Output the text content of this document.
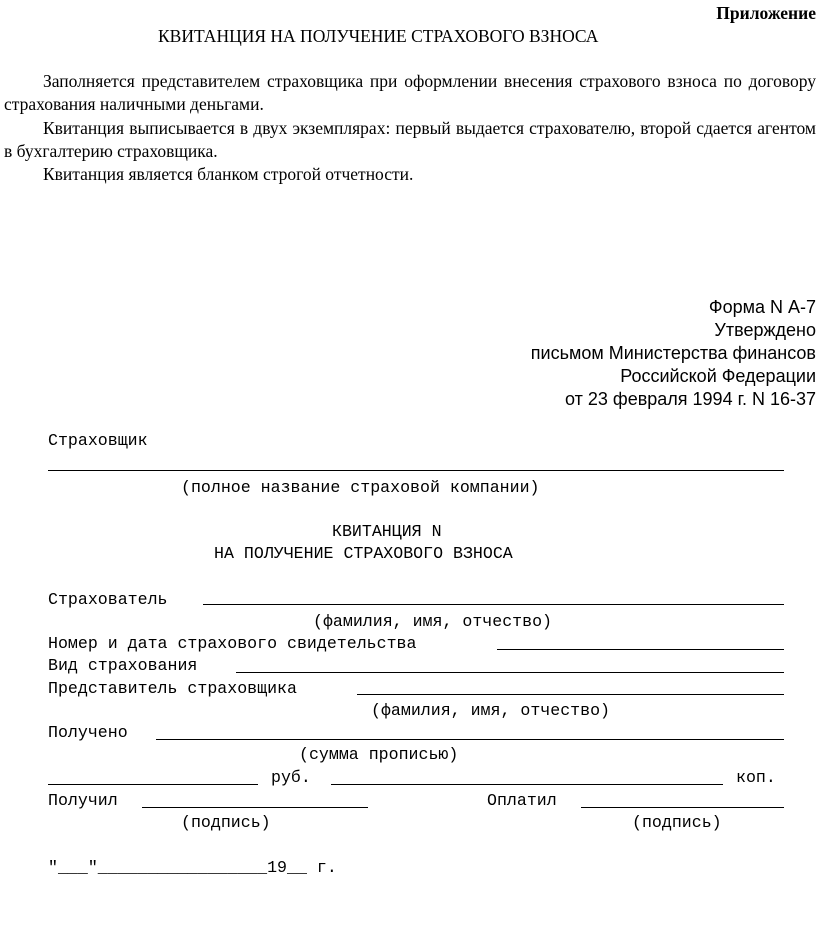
Приложение
КВИТАНЦИЯ НА ПОЛУЧЕНИЕ СТРАХОВОГО ВЗНОСА
Заполняется представителем страховщика при оформлении внесения страхового взноса по договору страхования наличными деньгами.
Квитанция выписывается в двух экземплярах: первый выдается страхователю, второй сдается агентом в бухгалтерию страховщика.
Квитанция является бланком строгой отчетности.
Форма N А-7
Утверждено
письмом Министерства финансов
Российской Федерации
от 23 февраля 1994 г. N 16-37
Страховщик
(полное название страховой компании)
КВИТАНЦИЯ N
НА ПОЛУЧЕНИЕ СТРАХОВОГО ВЗНОСА
Страхователь
(фамилия, имя, отчество)
Номер и дата страхового свидетельства
Вид страхования
Представитель страховщика
(фамилия, имя, отчество)
Получено
(сумма прописью)
руб.	коп.
Получил	Оплатил
(подпись)	(подпись)
"___"_________________19__ г.
